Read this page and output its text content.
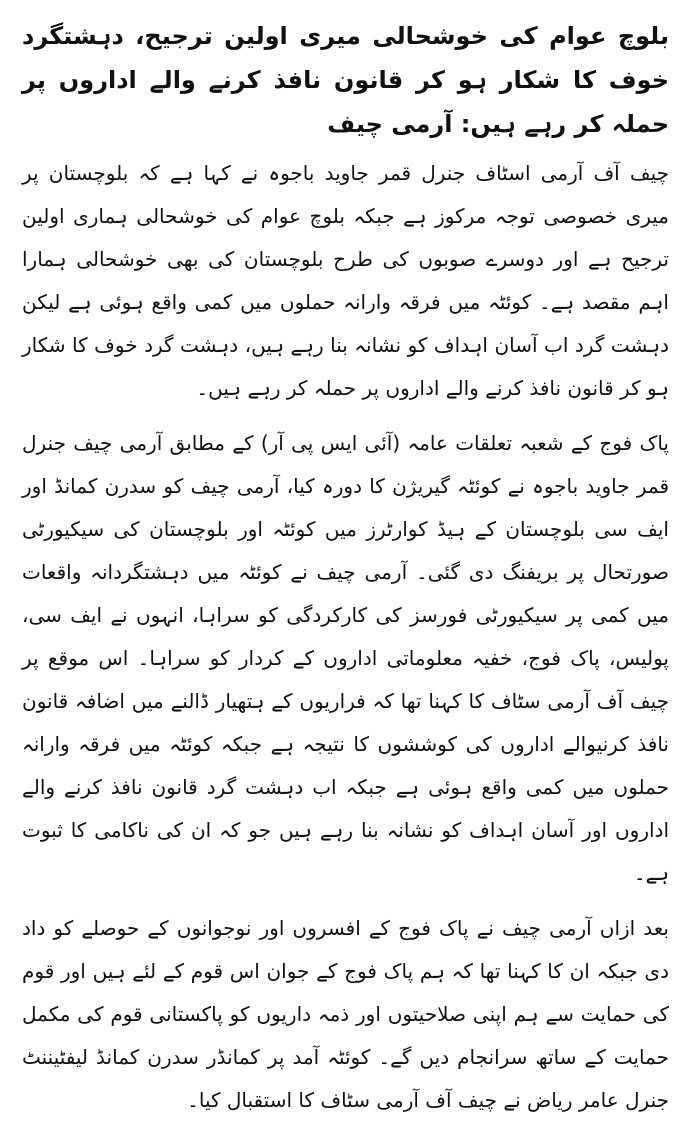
بلوچ عوام کی خوشحالی میری اولین ترجیح، دہشتگرد خوف کا شکار ہو کر قانون نافذ کرنے والے اداروں پر حملہ کر رہے ہیں: آرمی چیف

چیف آف آرمی اسٹاف جنرل قمر جاوید باجوہ نے کہا ہے کہ بلوچستان پر میری خصوصی توجہ مرکوز ہے جبکہ بلوچ عوام کی خوشحالی ہماری اولین ترجیح ہے اور دوسرے صوبوں کی طرح بلوچستان کی بھی خوشحالی ہمارا اہم مقصد ہے۔ کوئٹہ میں فرقہ وارانہ حملوں میں کمی واقع ہوئی ہے لیکن دہشت گرد اب آسان اہداف کو نشانہ بنا رہے ہیں، دہشت گرد خوف کا شکار ہو کر قانون نافذ کرنے والے اداروں پر حملہ کر رہے ہیں۔

پاک فوج کے شعبہ تعلقات عامہ (آئی ایس پی آر) کے مطابق آرمی چیف جنرل قمر جاوید باجوہ نے کوئٹہ گیریژن کا دورہ کیا، آرمی چیف کو سدرن کمانڈ اور ایف سی بلوچستان کے ہیڈ کوارٹرز میں کوئٹہ اور بلوچستان کی سیکیورٹی صورتحال پر بریفنگ دی گئی۔ آرمی چیف نے کوئٹہ میں دہشتگردانہ واقعات میں کمی پر سیکیورٹی فورسز کی کارکردگی کو سراہا، انہوں نے ایف سی، پولیس، پاک فوج، خفیہ معلوماتی اداروں کے کردار کو سراہا۔ اس موقع پر چیف آف آرمی سٹاف کا کہنا تھا کہ فراریوں کے ہتھیار ڈالنے میں اضافہ قانون نافذ کرنیوالے اداروں کی کوششوں کا نتیجہ ہے جبکہ کوئٹہ میں فرقہ وارانہ حملوں میں کمی واقع ہوئی ہے جبکہ اب دہشت گرد قانون نافذ کرنے والے اداروں اور آسان اہداف کو نشانہ بنا رہے ہیں جو کہ ان کی ناکامی کا ثبوت ہے۔

بعد ازاں آرمی چیف نے پاک فوج کے افسروں اور نوجوانوں کے حوصلے کو داد دی جبکہ ان کا کہنا تھا کہ ہم پاک فوج کے جوان اس قوم کے لئے ہیں اور قوم کی حمایت سے ہم اپنی صلاحیتوں اور ذمہ داریوں کو پاکستانی قوم کی مکمل حمایت کے ساتھ سرانجام دیں گے۔ کوئٹہ آمد پر کمانڈر سدرن کمانڈ لیفٹیننٹ جنرل عامر ریاض نے چیف آف آرمی سٹاف کا استقبال کیا۔
